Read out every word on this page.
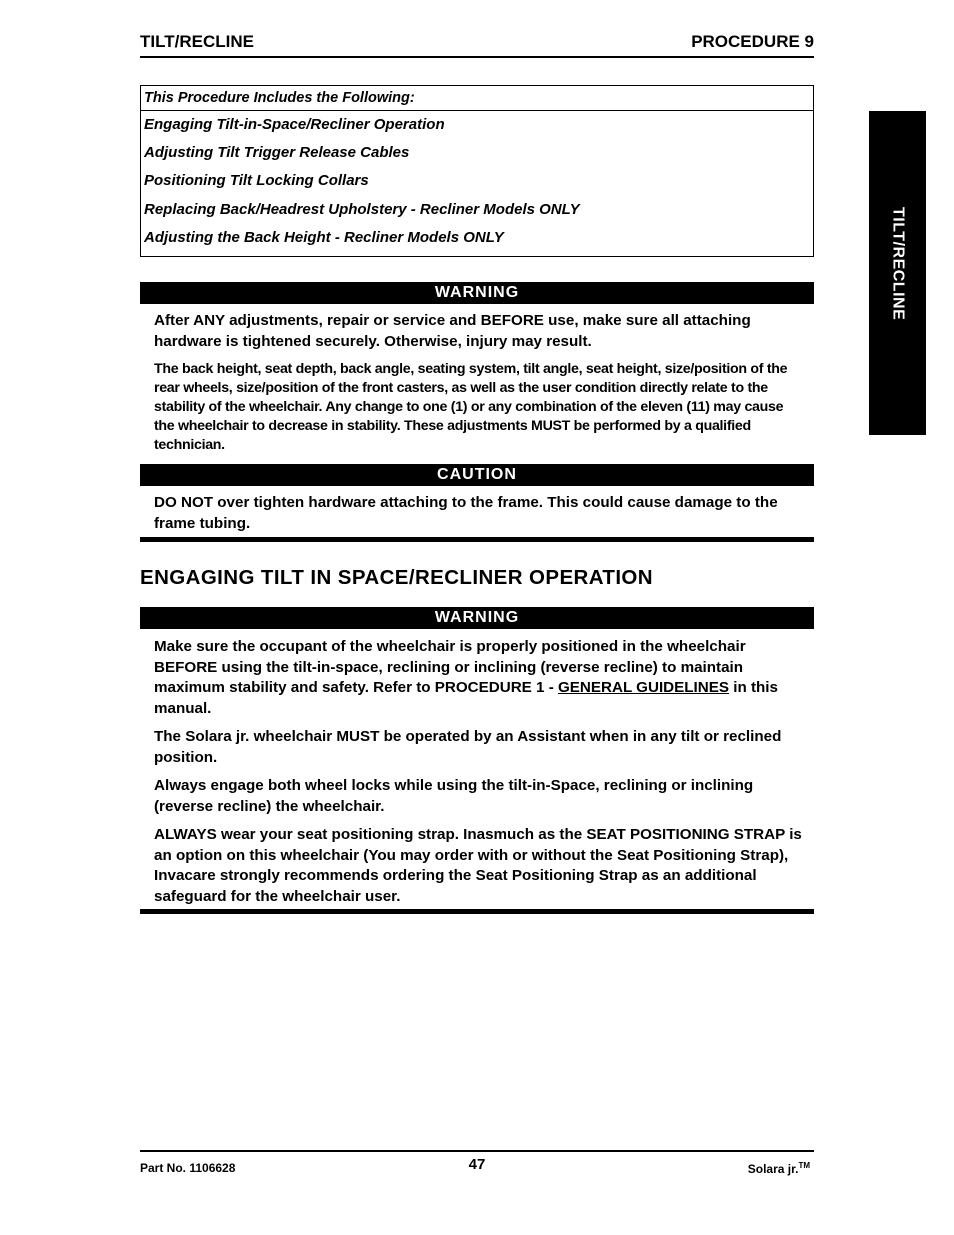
TILT/RECLINE	PROCEDURE 9
TILT/RECLINE
This Procedure Includes the Following:
Engaging Tilt-in-Space/Recliner Operation
Adjusting Tilt Trigger Release Cables
Positioning Tilt Locking Collars
Replacing Back/Headrest Upholstery - Recliner Models ONLY
Adjusting the Back Height - Recliner Models ONLY
WARNING

After ANY adjustments, repair or service and BEFORE use, make sure all attaching hardware is tightened securely. Otherwise, injury may result.

The back height, seat depth, back angle, seating system, tilt angle, seat height, size/position of the rear wheels, size/position of the front casters, as well as the user condition directly relate to the stability of the wheelchair. Any change to one (1) or any combination of the eleven (11) may cause the wheelchair to decrease in stability. These adjustments MUST be performed by a qualified technician.

CAUTION

DO NOT over tighten hardware attaching to the frame. This could cause damage to the frame tubing.

ENGAGING TILT IN SPACE/RECLINER OPERATION
WARNING

Make sure the occupant of the wheelchair is properly positioned in the wheelchair BEFORE using the tilt-in-space, reclining or inclining (reverse recline) to maintain maximum stability and safety. Refer to PROCEDURE 1 - GENERAL GUIDELINES in this manual.

The Solara jr. wheelchair MUST be operated by an Assistant when in any tilt or reclined position.

Always engage both wheel locks while using the tilt-in-Space, reclining or inclining (reverse recline) the wheelchair.

ALWAYS wear your seat positioning strap. Inasmuch as the SEAT POSITIONING STRAP is an option on this wheelchair (You may order with or without the Seat Positioning Strap), Invacare strongly recommends ordering the Seat Positioning Strap as an additional safeguard for the wheelchair user.

Part No. 1106628	47	Solara jr.™
